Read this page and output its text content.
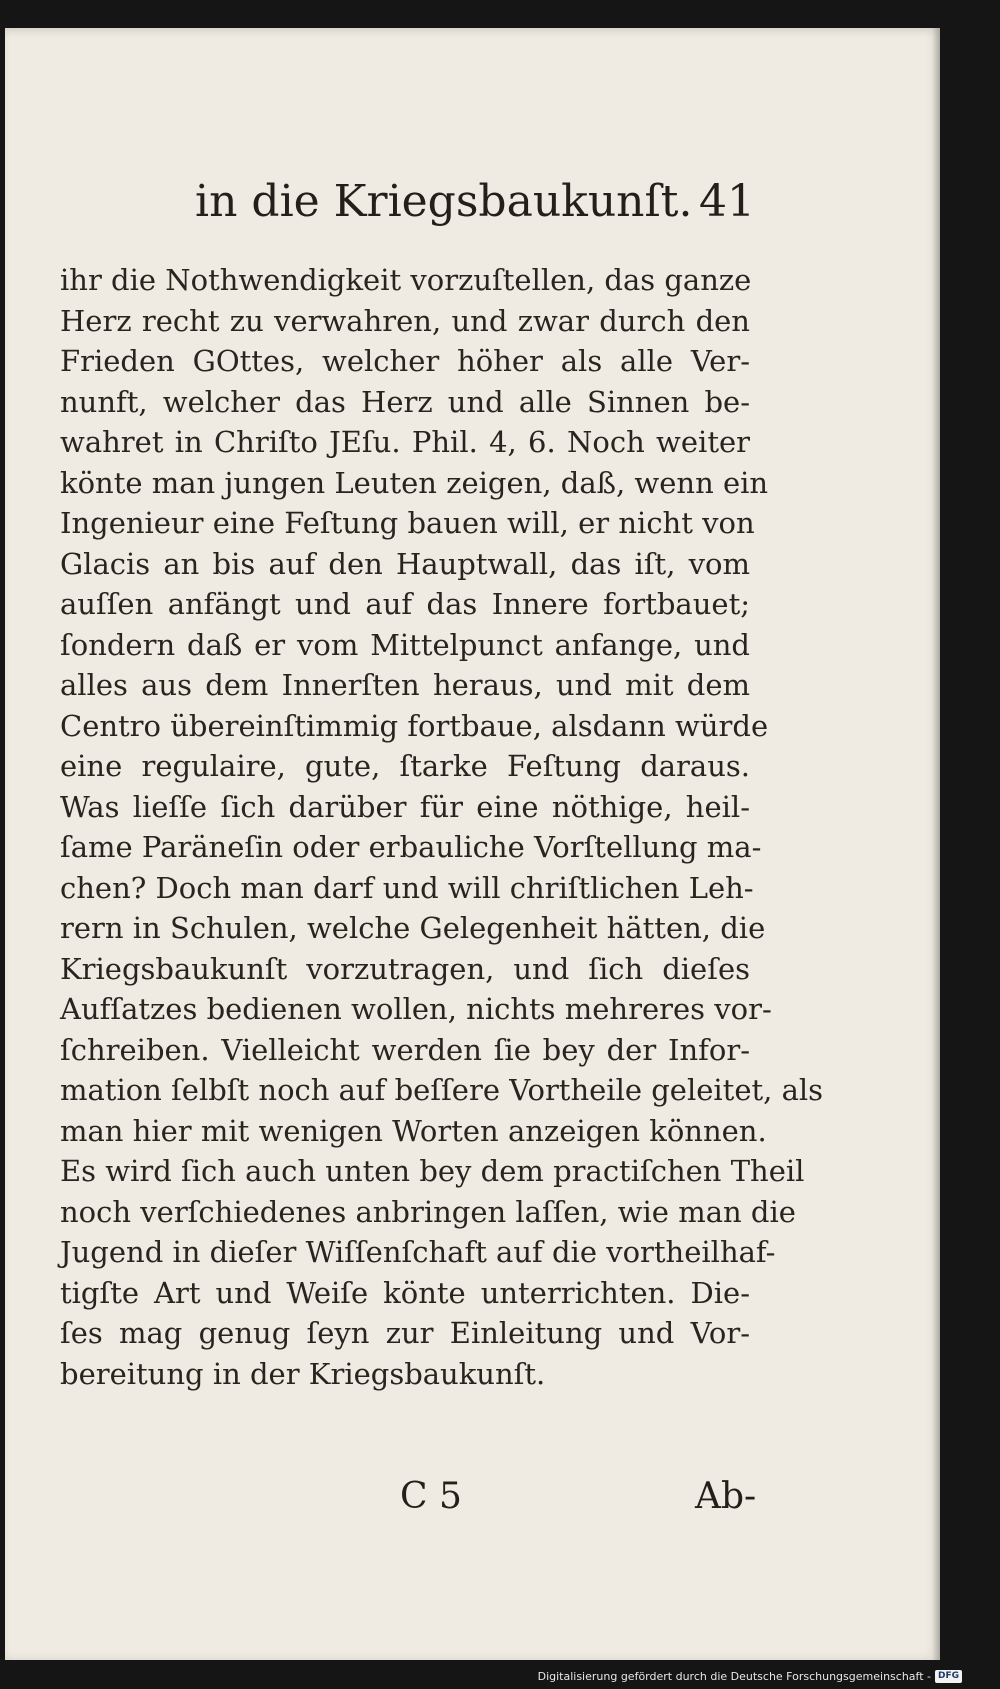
in die Kriegsbaukunſt. 41
ihr die Nothwendigkeit vorzuſtellen, das ganze
Herz recht zu verwahren, und zwar durch den
Frieden GOttes, welcher höher als alle Ver-
nunft, welcher das Herz und alle Sinnen be-
wahret in Chriſto JEſu. Phil. 4, 6. Noch weiter
könte man jungen Leuten zeigen, daß, wenn ein
Ingenieur eine Feſtung bauen will, er nicht von
Glacis an bis auf den Hauptwall, das iſt, vom
auſſen anfängt und auf das Innere fortbauet;
ſondern daß er vom Mittelpunct anfange, und
alles aus dem Innerſten heraus, und mit dem
Centro übereinſtimmig fortbaue, alsdann würde
eine regulaire, gute, ſtarke Feſtung daraus.
Was lieſſe ſich darüber für eine nöthige, heil-
ſame Paräneſin oder erbauliche Vorſtellung ma-
chen? Doch man darf und will chriſtlichen Leh-
rern in Schulen, welche Gelegenheit hätten, die
Kriegsbaukunſt vorzutragen, und ſich dieſes
Aufſatzes bedienen wollen, nichts mehreres vor-
ſchreiben. Vielleicht werden ſie bey der Infor-
mation ſelbſt noch auf beſſere Vortheile geleitet, als
man hier mit wenigen Worten anzeigen können.
Es wird ſich auch unten bey dem practiſchen Theil
noch verſchiedenes anbringen laſſen, wie man die
Jugend in dieſer Wiſſenſchaft auf die vortheilhaf-
tigſte Art und Weiſe könte unterrichten. Die-
ſes mag genug ſeyn zur Einleitung und Vor-
bereitung in der Kriegsbaukunſt.
C 5	Ab-
Digitalisierung gefördert durch die Deutsche Forschungsgemeinschaft - DFG
